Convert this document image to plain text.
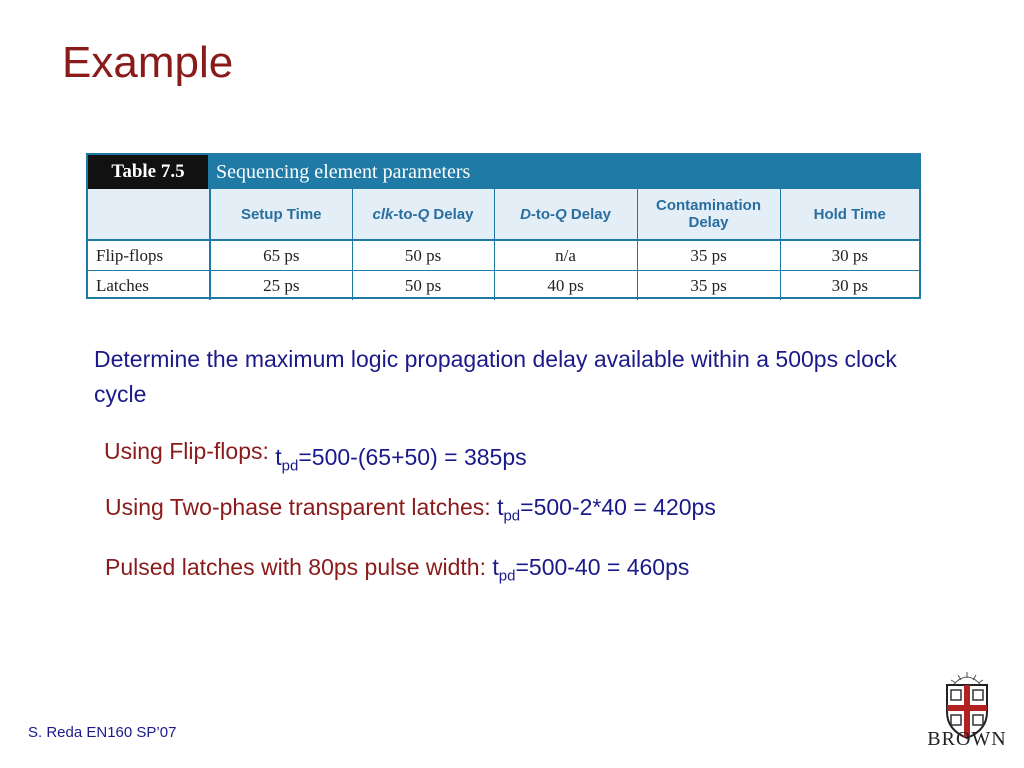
Example
Table 7.5	Sequencing element parameters
	Setup Time	clk-to-Q Delay	D-to-Q Delay	Contamination Delay	Hold Time
Flip-flops	65 ps	50 ps	n/a	35 ps	30 ps
Latches	25 ps	50 ps	40 ps	35 ps	30 ps
Determine the maximum logic propagation delay available within a 500ps clock cycle
Using Flip-flops: $t_{pd}=500-(65+50) = 385ps$
Using Two-phase transparent latches: $t_{pd}=500-2*40 = 420ps$
Pulsed latches with 80ps pulse width: $t_{pd}=500-40 = 460ps$
S. Reda EN160 SP’07	BROWN
